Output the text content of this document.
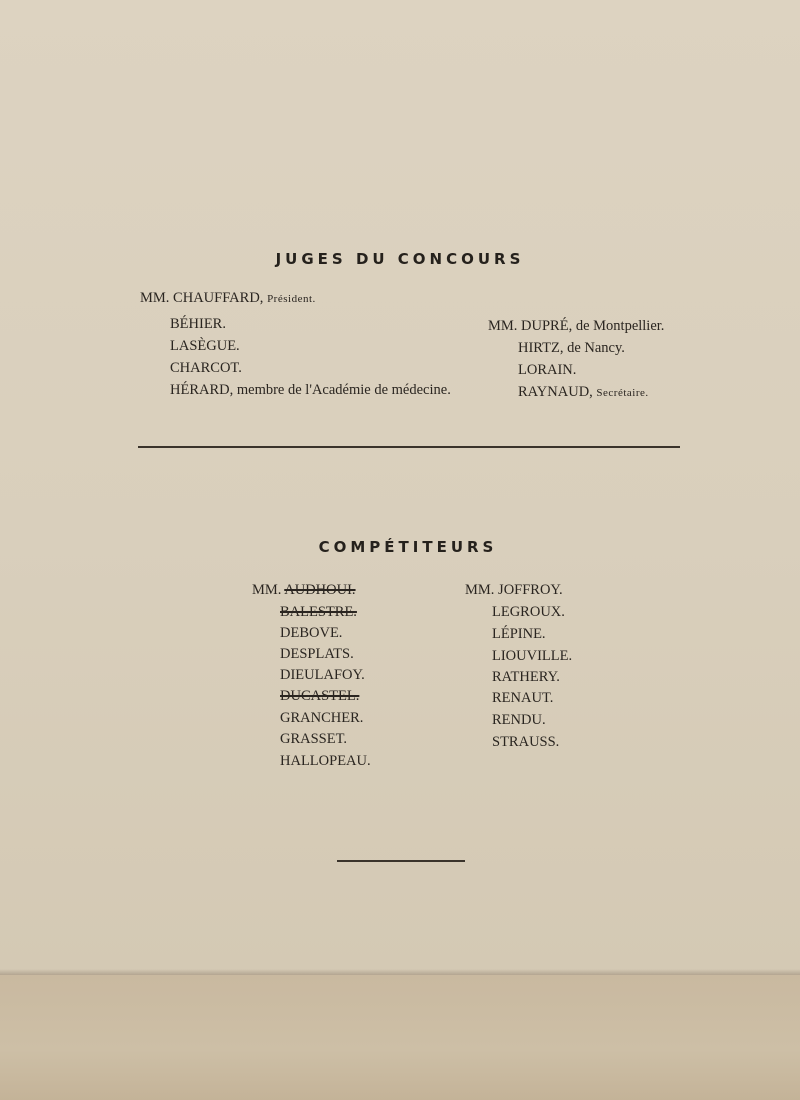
JUGES DU CONCOURS
MM. CHAUFFARD, Président.
BÉHIER.
LASÈGUE.
CHARCOT.
HÉRARD, membre de l'Académie de médecine.
MM. DUPRÉ, de Montpellier.
HIRTZ, de Nancy.
LORAIN.
RAYNAUD, Secrétaire.
COMPÉTITEURS
MM. AUDHOUI.
BALESTRE.
DEBOVE.
DESPLATS.
DIEULAFOY.
DUCASTEL.
GRANCHER.
GRASSET.
HALLOPEAU.
MM. JOFFROY.
LEGROUX.
LÉPINE.
LIOUVILLE.
RATHERY.
RENAUT.
RENDU.
STRAUSS.
